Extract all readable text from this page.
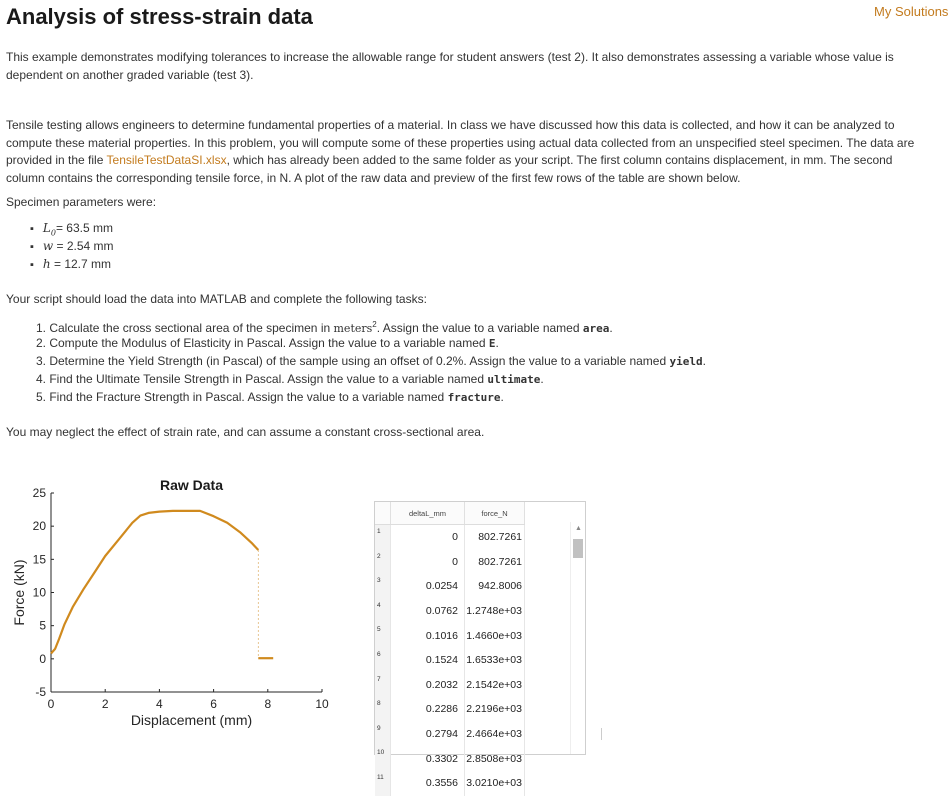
Analysis of stress-strain data	My Solutions

This example demonstrates modifying tolerances to increase the allowable range for student answers (test 2). It also demonstrates assessing a variable whose value is dependent on another graded variable (test 3).

Tensile testing allows engineers to determine fundamental properties of a material. In class we have discussed how this data is collected, and how it can be analyzed to compute these material properties. In this problem, you will compute some of these properties using actual data collected from an unspecified steel specimen. The data are provided in the file TensileTestDataSI.xlsx, which has already been added to the same folder as your script. The first column contains displacement, in mm. The second column contains the corresponding tensile force, in N. A plot of the raw data and preview of the first few rows of the table are shown below.

Specimen parameters were:

▪ $L_0= 63.5$ mm
▪ w = 2.54 mm
▪ h = 12.7 mm

Your script should load the data into MATLAB and complete the following tasks:

1. Calculate the cross sectional area of the specimen in meters$^2$. Assign the value to a variable named area.
2. Compute the Modulus of Elasticity in Pascal. Assign the value to a variable named E.
3. Determine the Yield Strength (in Pascal) of the sample using an offset of 0.2%. Assign the value to a variable named yield.
4. Find the Ultimate Tensile Strength in Pascal. Assign the value to a variable named ultimate.
5. Find the Fracture Strength in Pascal. Assign the value to a variable named fracture.

You may neglect the effect of strain rate, and can assume a constant cross-sectional area.

0	2	4	6	8	10
-5
0
5
10
15
20
25	Raw Data
Displacement (mm)
Force (kN)
	deltaL_mm	force_N
1	0	802.7261
2	0	802.7261
3	0.0254	942.8006
4	0.0762	1.2748e+03
5	0.1016	1.4660e+03
6	0.1524	1.6533e+03
7	0.2032	2.1542e+03
8	0.2286	2.2196e+03
9	0.2794	2.4664e+03
10	0.3302	2.8508e+03
11	0.3556	3.0210e+03
▲
